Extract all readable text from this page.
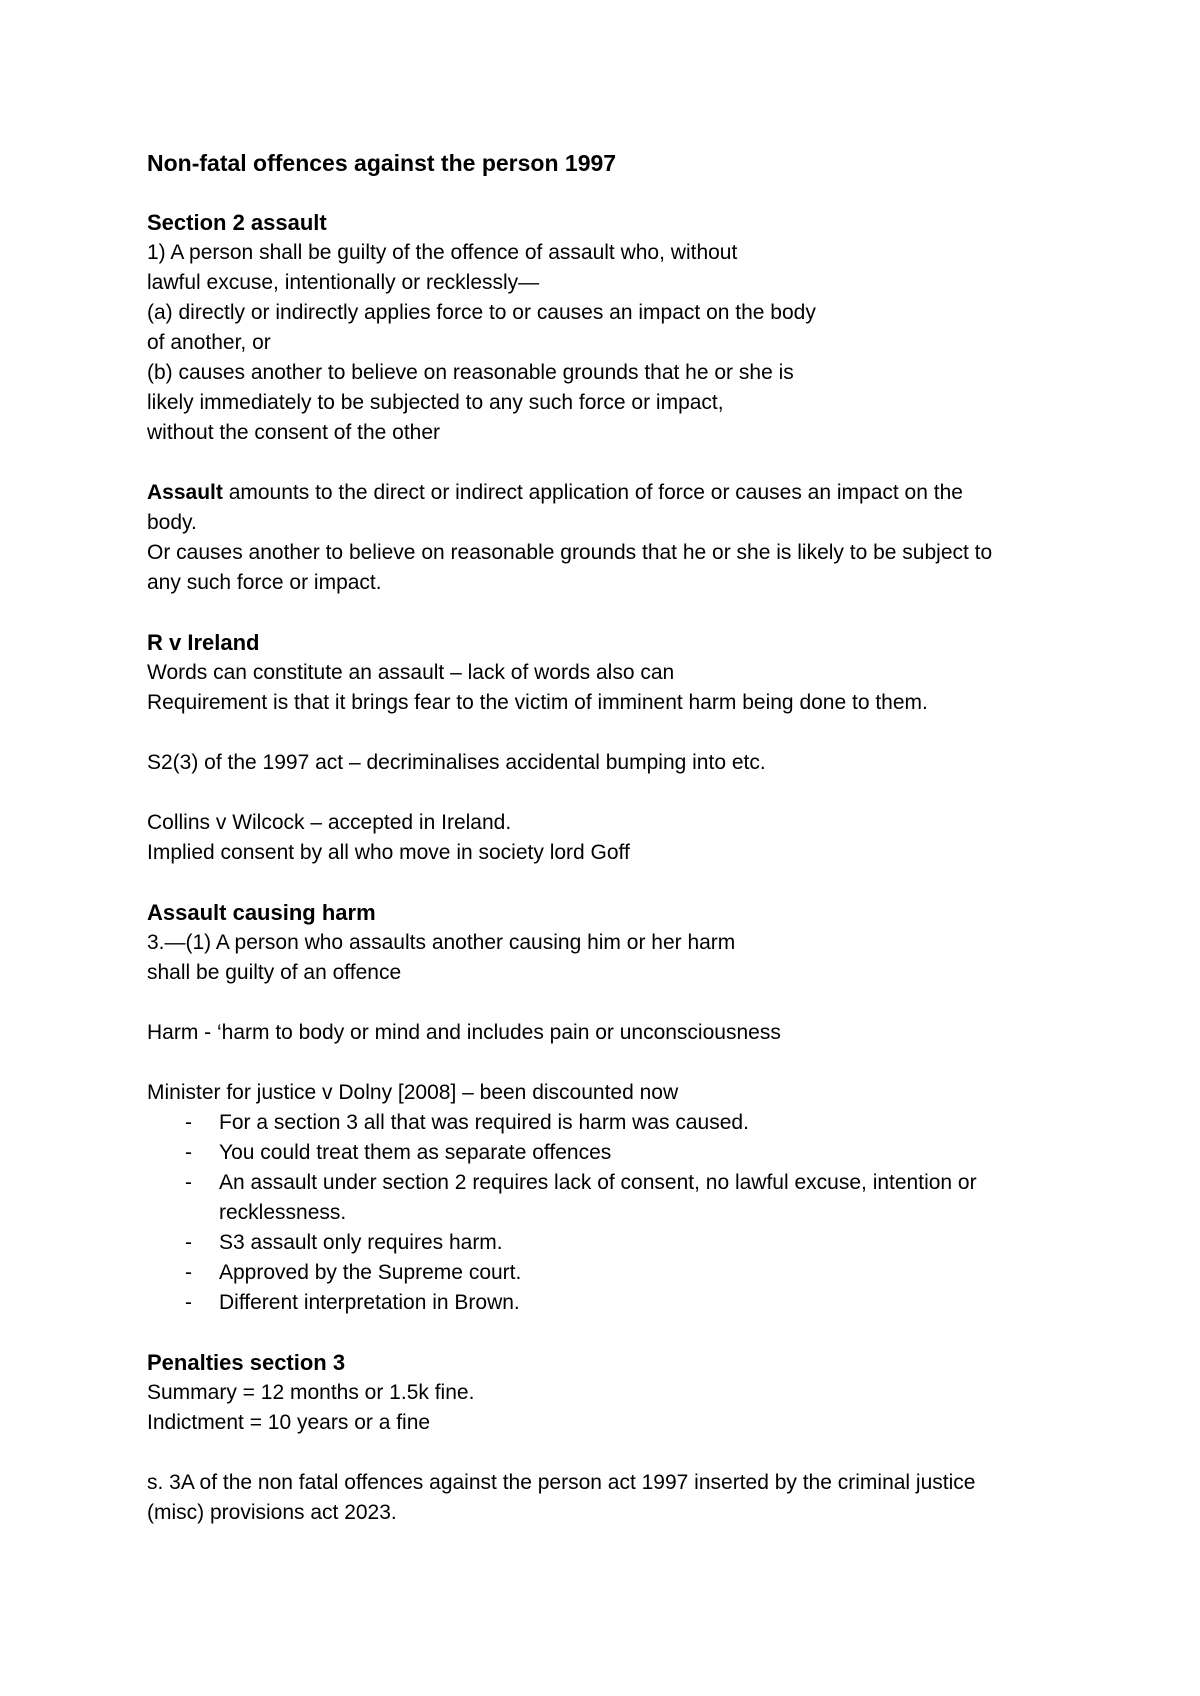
Non-fatal offences against the person 1997

Section 2 assault

1) A person shall be guilty of the offence of assault who, without

lawful excuse, intentionally or recklessly—

(a) directly or indirectly applies force to or causes an impact on the body

of another, or

(b) causes another to believe on reasonable grounds that he or she is

likely immediately to be subjected to any such force or impact,

without the consent of the other

Assault amounts to the direct or indirect application of force or causes an impact on the

body.

Or causes another to believe on reasonable grounds that he or she is likely to be subject to

any such force or impact.

R v Ireland

Words can constitute an assault – lack of words also can

Requirement is that it brings fear to the victim of imminent harm being done to them.

S2(3) of the 1997 act – decriminalises accidental bumping into etc.

Collins v Wilcock – accepted in Ireland.

Implied consent by all who move in society lord Goff

Assault causing harm

3.—(1) A person who assaults another causing him or her harm

shall be guilty of an offence

Harm - ‘harm to body or mind and includes pain or unconsciousness

Minister for justice v Dolny [2008] – been discounted now

- For a section 3 all that was required is harm was caused.
- You could treat them as separate offences
- An assault under section 2 requires lack of consent, no lawful excuse, intention or recklessness.
- S3 assault only requires harm.
- Approved by the Supreme court.
- Different interpretation in Brown.

Penalties section 3

Summary = 12 months or 1.5k fine.

Indictment = 10 years or a fine

s. 3A of the non fatal offences against the person act 1997 inserted by the criminal justice

(misc) provisions act 2023.
